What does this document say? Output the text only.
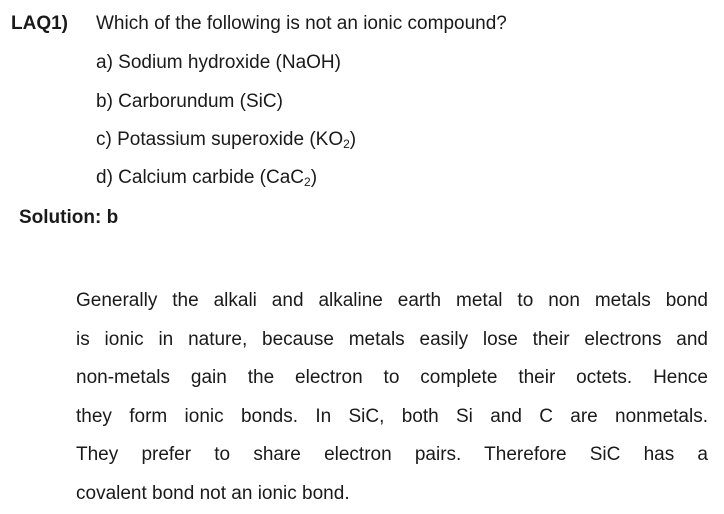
LAQ1) Which of the following is not an ionic compound?
a) Sodium hydroxide (NaOH)
b) Carborundum (SiC)
c) Potassium superoxide $(KO_2)$
d) Calcium carbide (CaC$_2$)
Solution: b
Generally the alkali and alkaline earth metal to non metals bond
is ionic in nature, because metals easily lose their electrons and
non-metals gain the electron to complete their octets. Hence
they form ionic bonds. In SiC, both Si and C are nonmetals.
They prefer to share electron pairs. Therefore SiC has a
covalent bond not an ionic bond.
